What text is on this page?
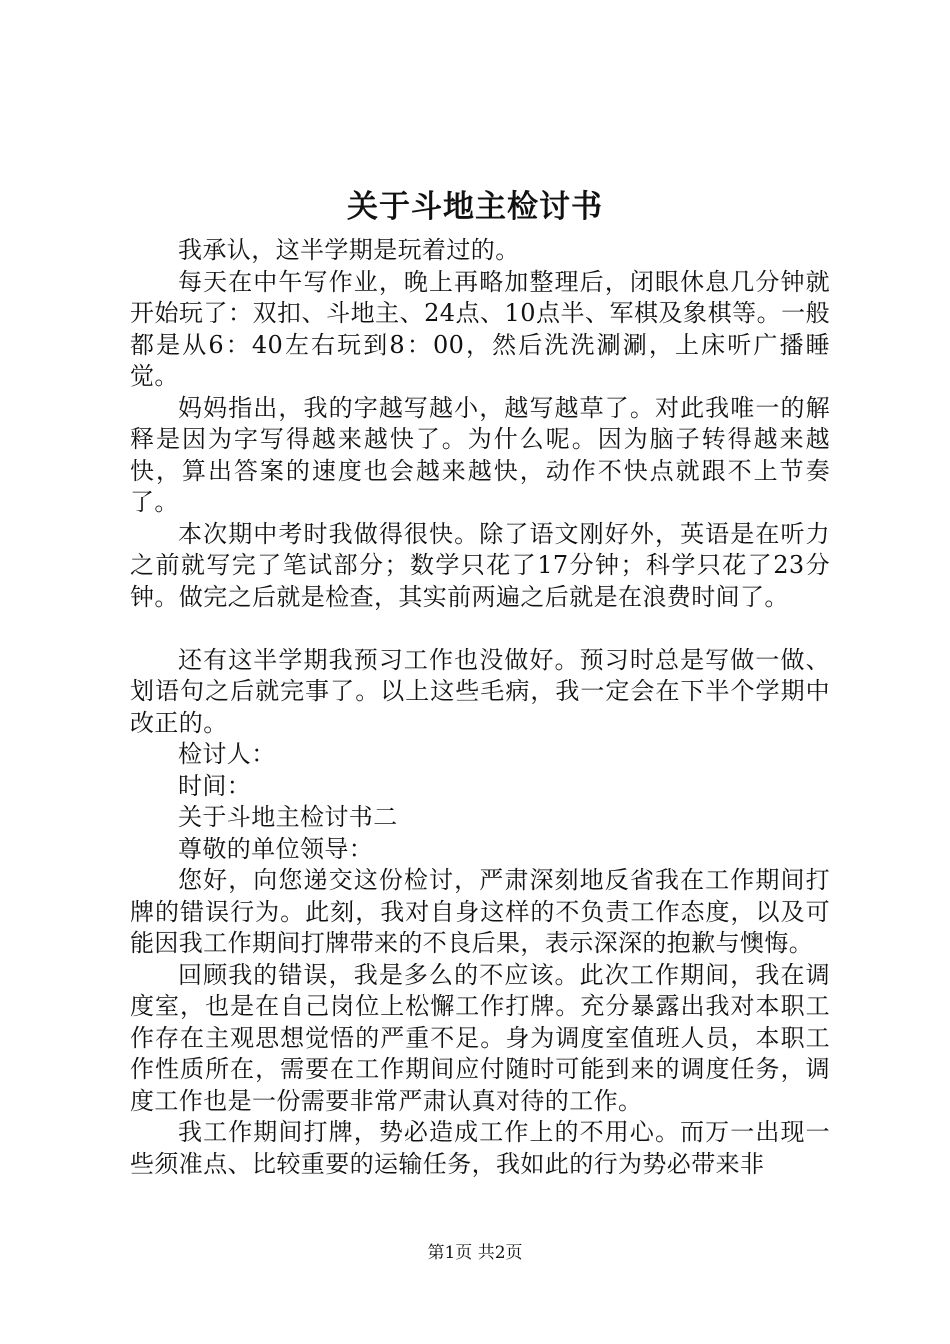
关于斗地主检讨书

我承认，这半学期是玩着过的。

每天在中午写作业，晚上再略加整理后，闭眼休息几分钟就开始玩了：双扣、斗地主、24点、10点半、军棋及象棋等。一般都是从6：40左右玩到8：00，然后洗洗涮涮，上床听广播睡觉。

妈妈指出，我的字越写越小，越写越草了。对此我唯一的解释是因为字写得越来越快了。为什么呢。因为脑子转得越来越快，算出答案的速度也会越来越快，动作不快点就跟不上节奏了。

本次期中考时我做得很快。除了语文刚好外，英语是在听力之前就写完了笔试部分；数学只花了17分钟；科学只花了23分钟。做完之后就是检查，其实前两遍之后就是在浪费时间了。

还有这半学期我预习工作也没做好。预习时总是写做一做、划语句之后就完事了。以上这些毛病，我一定会在下半个学期中改正的。

检讨人：

时间：

关于斗地主检讨书二

尊敬的单位领导：

您好，向您递交这份检讨，严肃深刻地反省我在工作期间打牌的错误行为。此刻，我对自身这样的不负责工作态度，以及可能因我工作期间打牌带来的不良后果，表示深深的抱歉与懊悔。

回顾我的错误，我是多么的不应该。此次工作期间，我在调度室，也是在自己岗位上松懈工作打牌。充分暴露出我对本职工作存在主观思想觉悟的严重不足。身为调度室值班人员，本职工作性质所在，需要在工作期间应付随时可能到来的调度任务，调度工作也是一份需要非常严肃认真对待的工作。

我工作期间打牌，势必造成工作上的不用心。而万一出现一些须准点、比较重要的运输任务，我如此的行为势必带来非

第1页 共2页
